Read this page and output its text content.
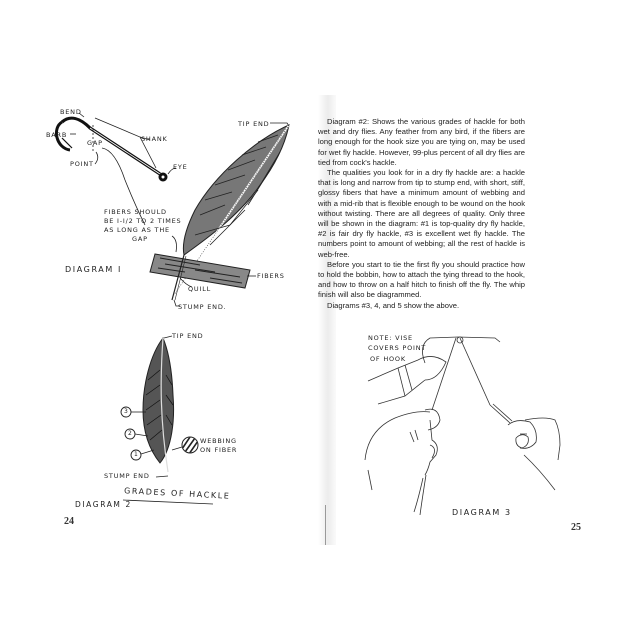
BEND
BARB
GAP
POINT
SHANK
EYE
TIP END
FIBERS SHOULD
BE I-I/2 TO 2 TIMES
AS LONG AS THE
GAP
FIBERS
QUILL
STUMP END.
DIAGRAM I
TIP END
3
2
1
WEBBING
ON FIBER
STUMP END
GRADES OF HACKLE
DIAGRAM 2
24

Diagram #2: Shows the various grades of hackle for both wet and dry flies. Any feather from any bird, if the fibers are long enough for the hook size you are tying on, may be used for wet fly hackle. However, 99-plus percent of all dry flies are tied from cock's hackle.

The qualities you look for in a dry fly hackle are: a hackle that is long and narrow from tip to stump end, with short, stiff, glossy fibers that have a minimum amount of webbing and with a mid-rib that is flexible enough to be wound on the hook without twisting. There are all degrees of quality. Only three will be shown in the diagram: #1 is top-quality dry fly hackle, #2 is fair dry fly hackle, #3 is excellent wet fly hackle. The numbers point to amount of webbing; all the rest of hackle is web-free.

Before you start to tie the first fly you should practice how to hold the bobbin, how to attach the tying thread to the hook, and how to throw on a half hitch to finish off the fly. The whip finish will also be diagrammed.

Diagrams #3, 4, and 5 show the above.

NOTE: VISE
COVERS POINT
OF HOOK
DIAGRAM 3
25
